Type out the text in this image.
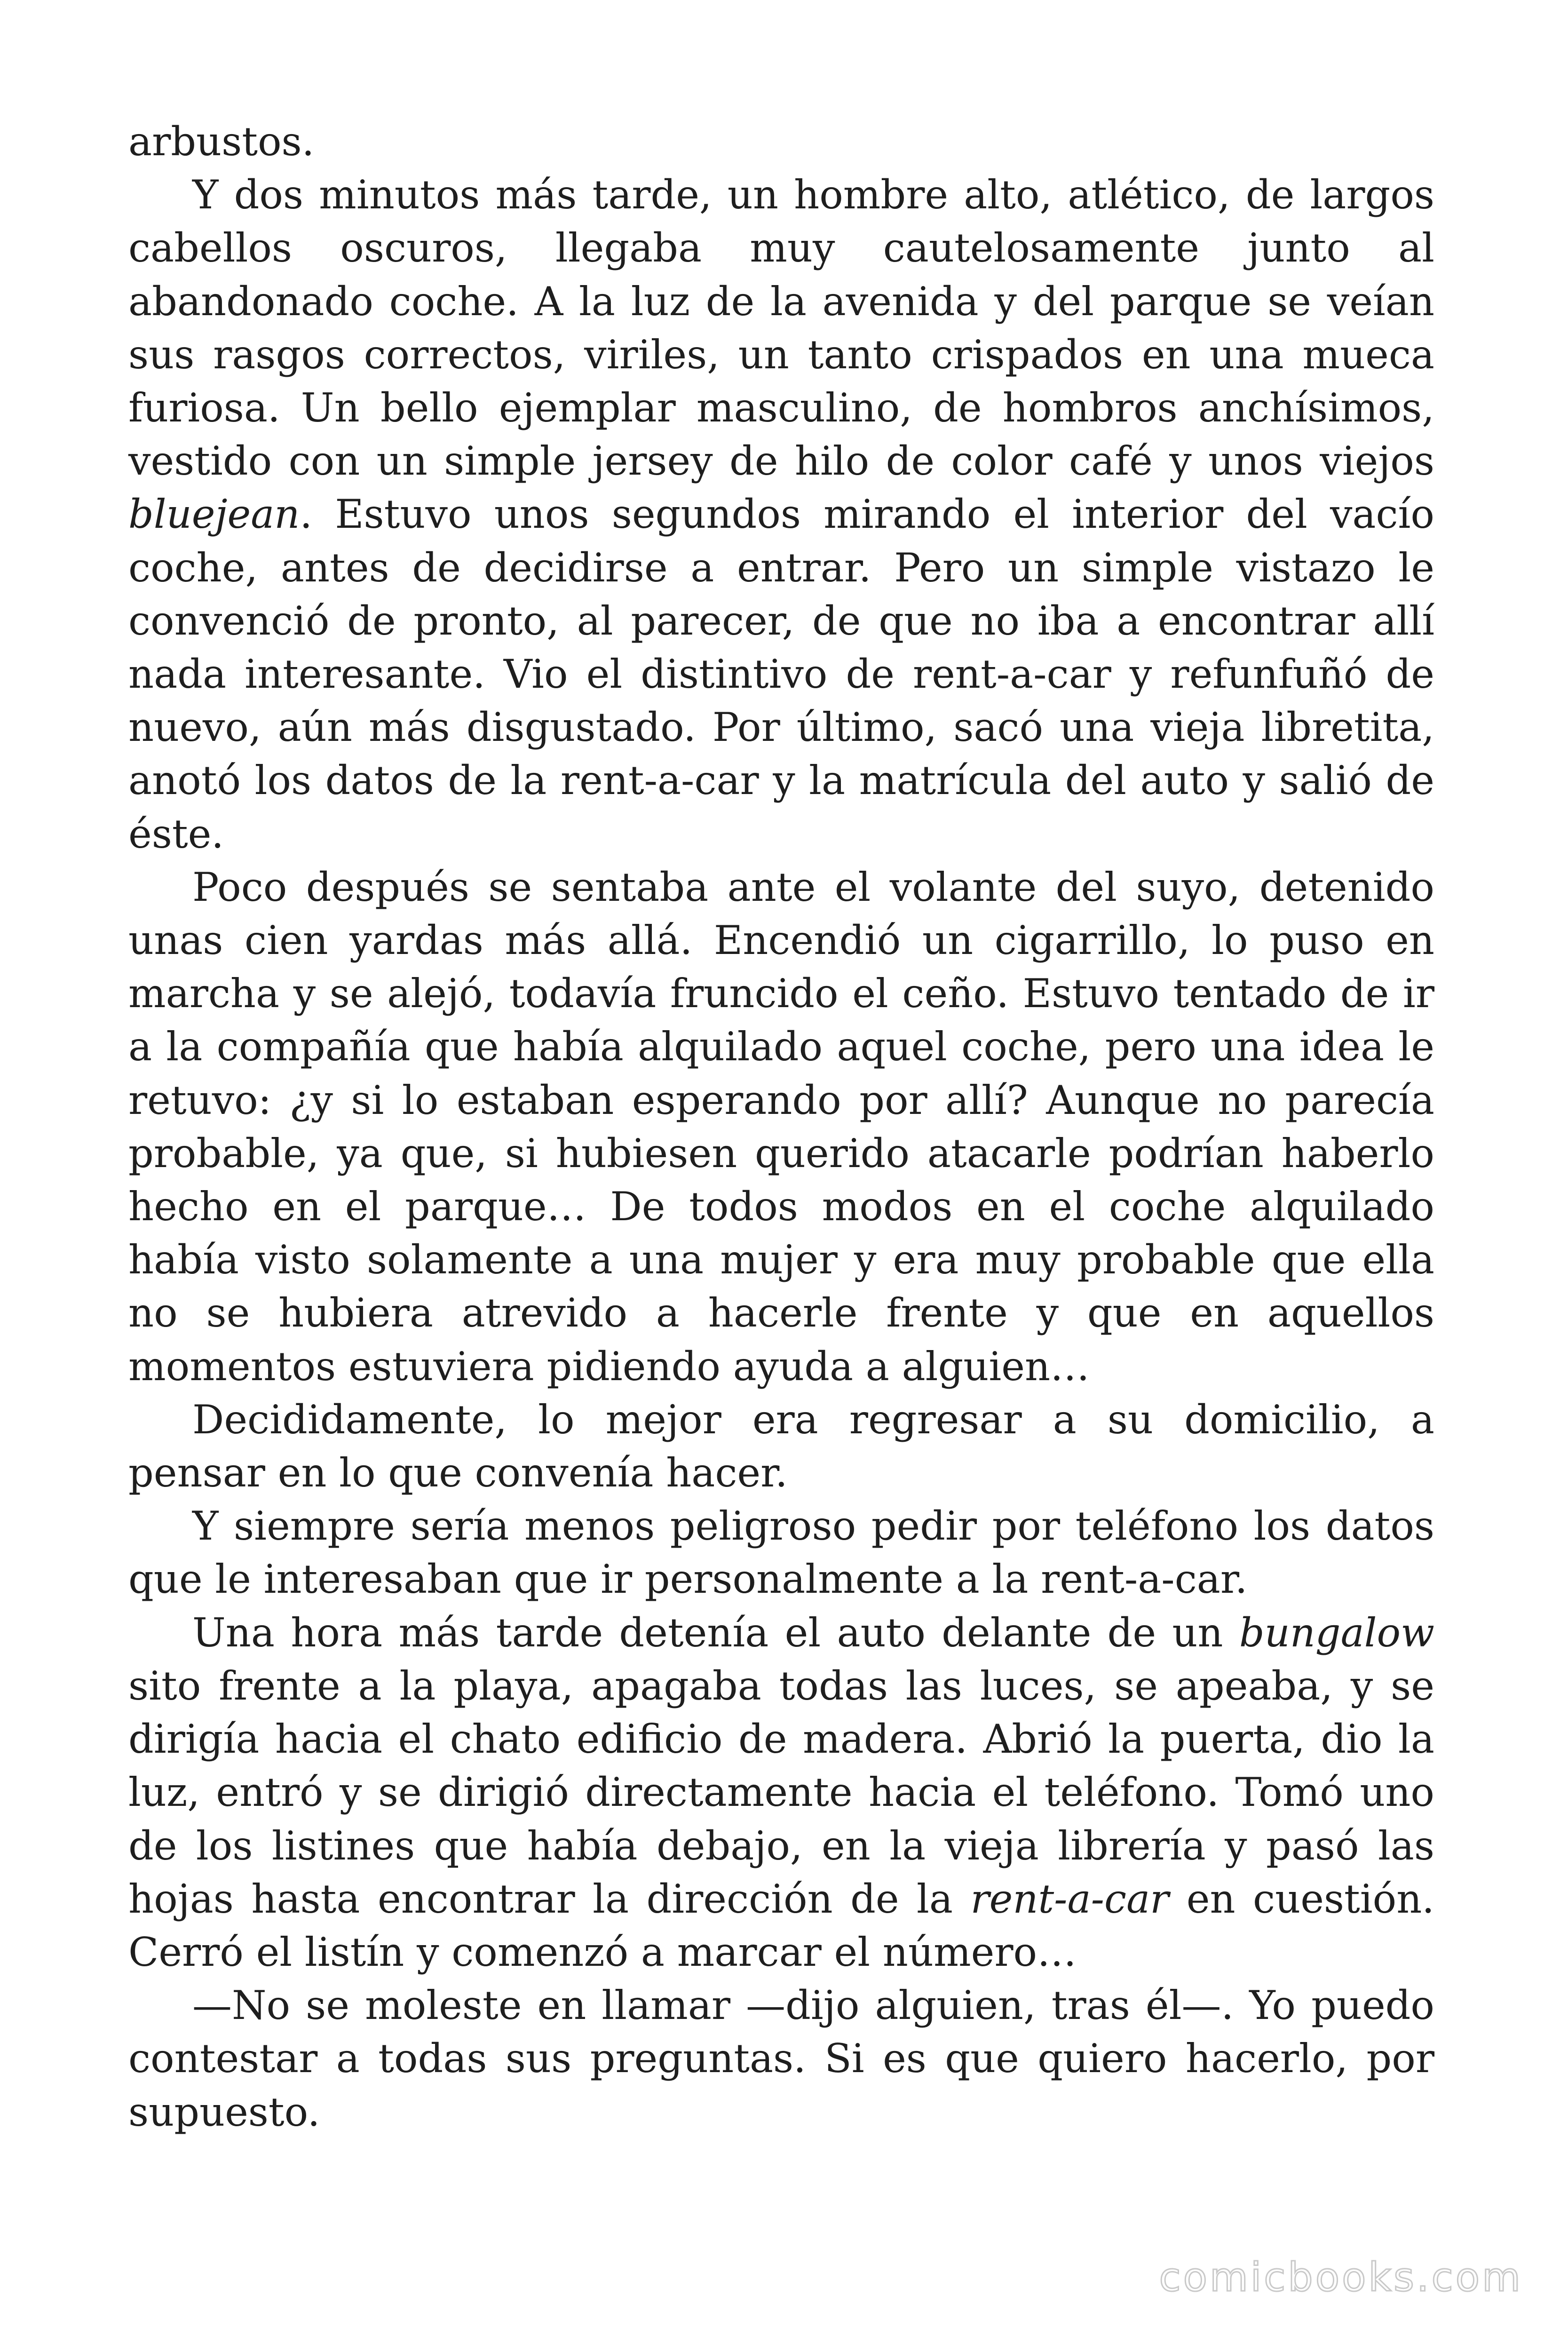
arbustos.

Y dos minutos más tarde, un hombre alto, atlético, de largos cabellos oscuros, llegaba muy cautelosamente junto al abandonado coche. A la luz de la avenida y del parque se veían sus rasgos correctos, viriles, un tanto crispados en una mueca furiosa. Un bello ejemplar masculino, de hombros anchísimos, vestido con un simple jersey de hilo de color café y unos viejos bluejean. Estuvo unos segundos mirando el interior del vacío coche, antes de decidirse a entrar. Pero un simple vistazo le convenció de pronto, al parecer, de que no iba a encontrar allí nada interesante. Vio el distintivo de rent-a-car y refunfuñó de nuevo, aún más disgustado. Por último, sacó una vieja libretita, anotó los datos de la rent-a-car y la matrícula del auto y salió de éste.

Poco después se sentaba ante el volante del suyo, detenido unas cien yardas más allá. Encendió un cigarrillo, lo puso en marcha y se alejó, todavía fruncido el ceño. Estuvo tentado de ir a la compañía que había alquilado aquel coche, pero una idea le retuvo: ¿y si lo estaban esperando por allí? Aunque no parecía probable, ya que, si hubiesen querido atacarle podrían haberlo hecho en el parque… De todos modos en el coche alquilado había visto solamente a una mujer y era muy probable que ella no se hubiera atrevido a hacerle frente y que en aquellos momentos estuviera pidiendo ayuda a alguien…

Decididamente, lo mejor era regresar a su domicilio, a pensar en lo que convenía hacer.

Y siempre sería menos peligroso pedir por teléfono los datos que le interesaban que ir personalmente a la rent-a-car.

Una hora más tarde detenía el auto delante de un bungalow sito frente a la playa, apagaba todas las luces, se apeaba, y se dirigía hacia el chato edificio de madera. Abrió la puerta, dio la luz, entró y se dirigió directamente hacia el teléfono. Tomó uno de los listines que había debajo, en la vieja librería y pasó las hojas hasta encontrar la dirección de la rent-a-car en cuestión. Cerró el listín y comenzó a marcar el número…

—No se moleste en llamar —dijo alguien, tras él—. Yo puedo contestar a todas sus preguntas. Si es que quiero hacerlo, por supuesto.

comicbooks.com
